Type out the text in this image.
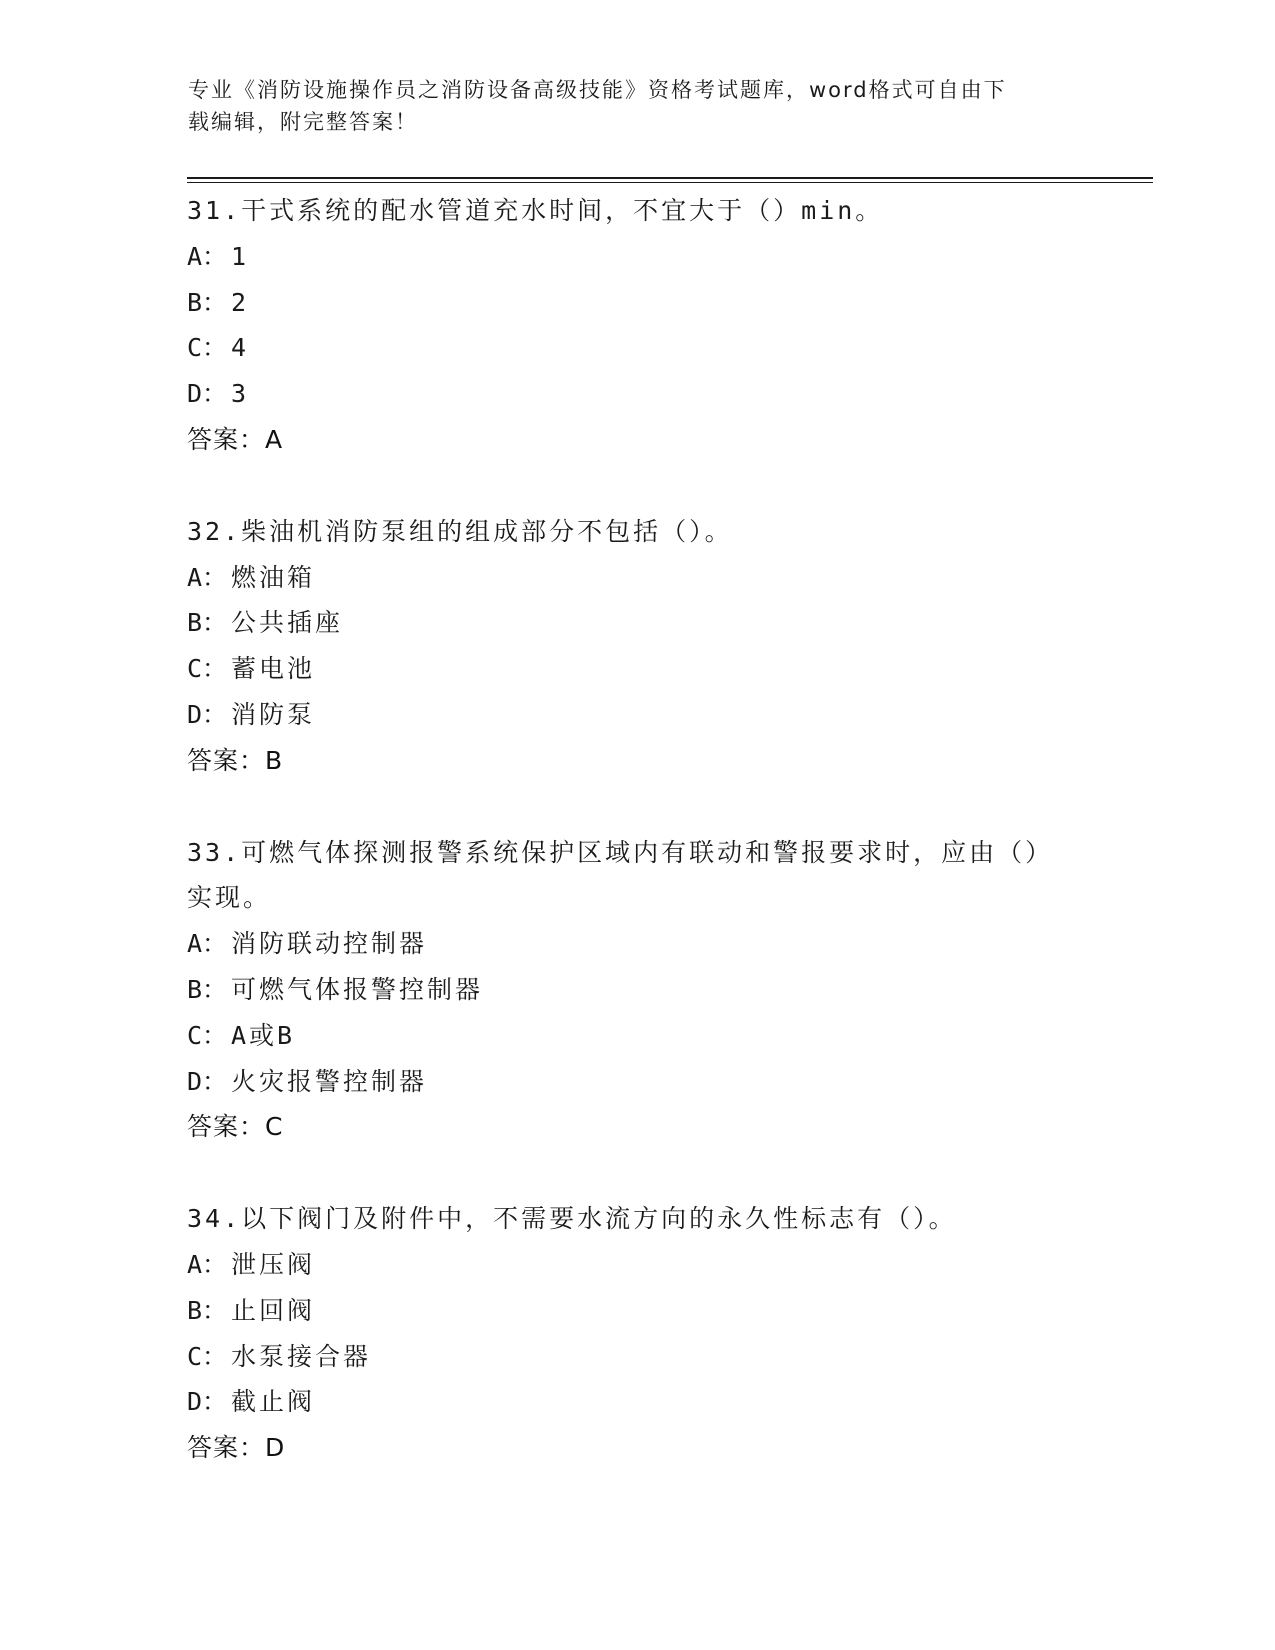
专业《消防设施操作员之消防设备高级技能》资格考试题库，word格式可自由下
载编辑，附完整答案！
31.干式系统的配水管道充水时间，不宜大于（）min。
A： 1
B： 2
C： 4
D： 3
答案：A
32.柴油机消防泵组的组成部分不包括（）。
A： 燃油箱
B： 公共插座
C： 蓄电池
D： 消防泵
答案：B
33.可燃气体探测报警系统保护区域内有联动和警报要求时，应由（）
实现。
A： 消防联动控制器
B： 可燃气体报警控制器
C： A或B
D： 火灾报警控制器
答案：C
34.以下阀门及附件中，不需要水流方向的永久性标志有（）。
A： 泄压阀
B： 止回阀
C： 水泵接合器
D： 截止阀
答案：D
